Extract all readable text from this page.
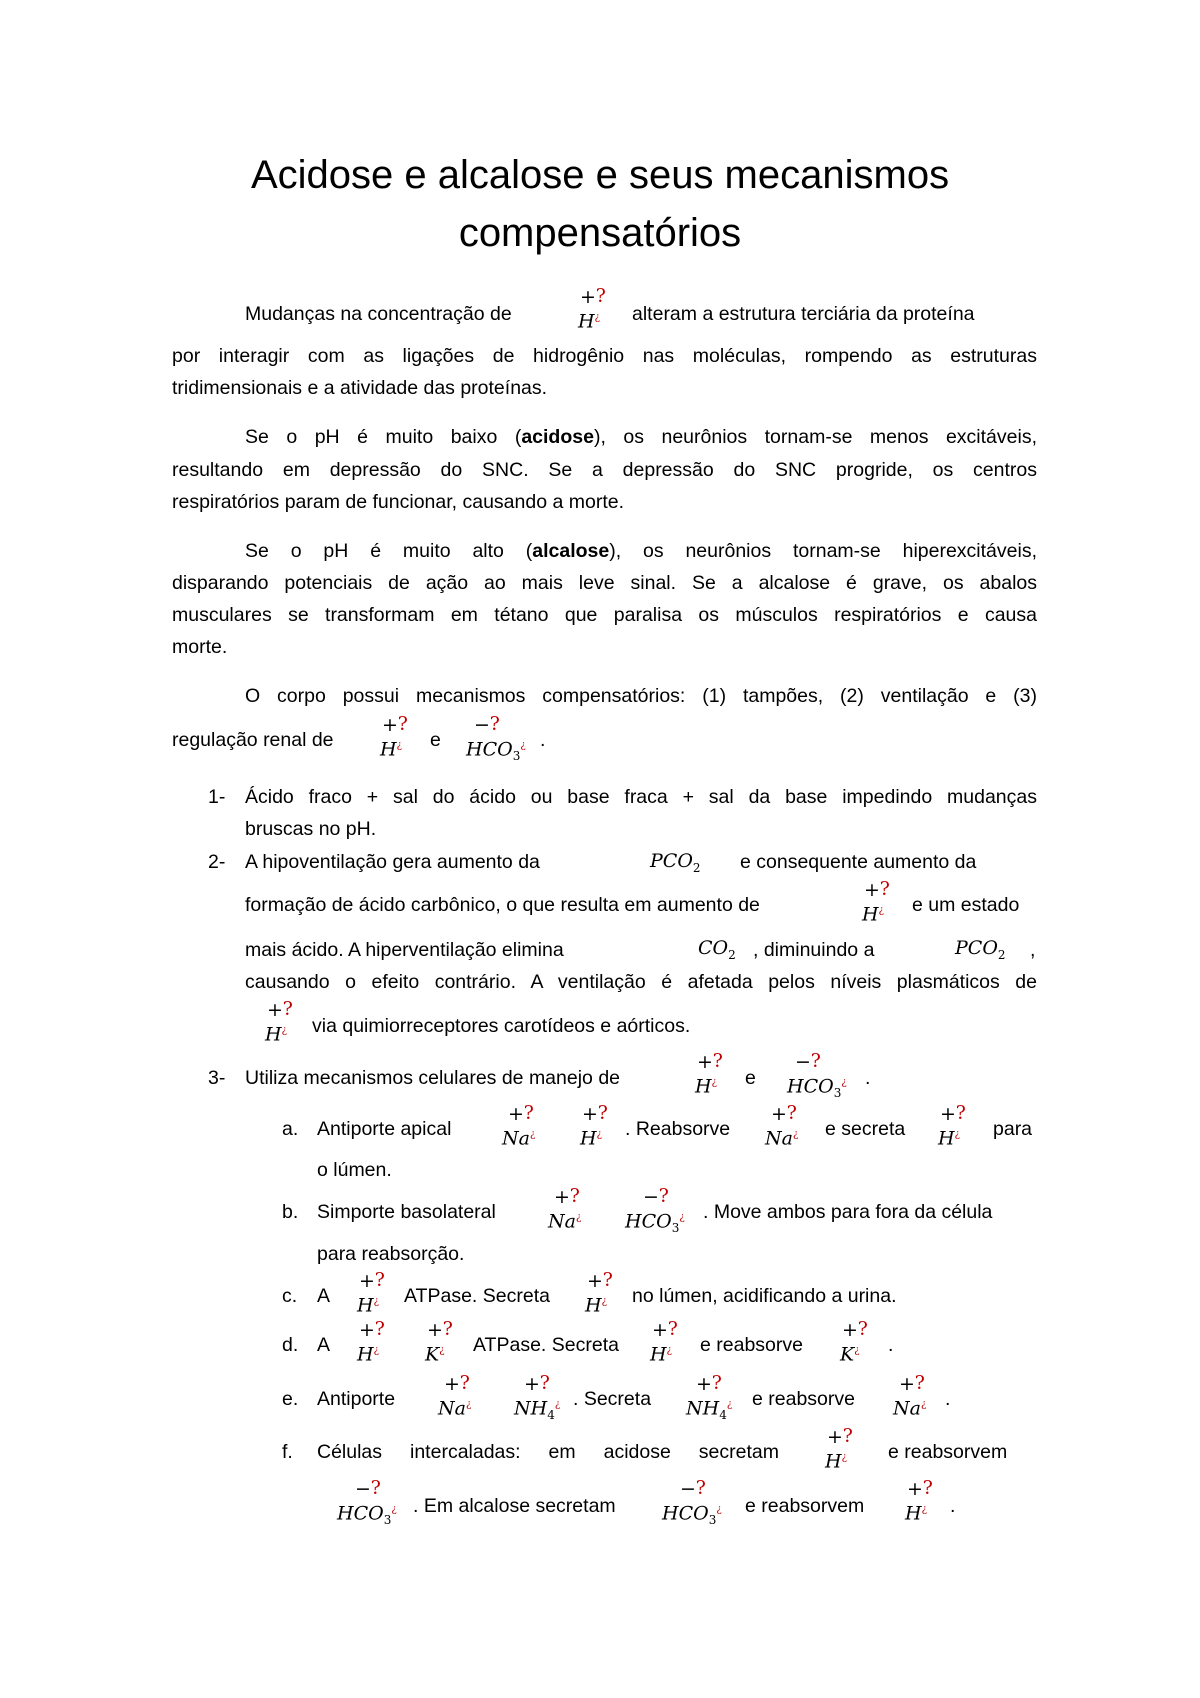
Acidose e alcalose e seus mecanismos
compensatórios
Mudanças na concentração de
+¿
H¿ alteram a estrutura terciária da proteína
por interagir com as ligações de hidrogênio nas moléculas, rompendo as estruturas
tridimensionais e a atividade das proteínas.
Se o pH é muito baixo (acidose), os neurônios tornam-se menos excitáveis,
resultando em depressão do SNC. Se a depressão do SNC progride, os centros
respiratórios param de funcionar, causando a morte.
Se o pH é muito alto (alcalose), os neurônios tornam-se hiperexcitáveis,
disparando potenciais de ação ao mais leve sinal. Se a alcalose é grave, os abalos
musculares se transformam em tétano que paralisa os músculos respiratórios e causa
morte.
O corpo possui mecanismos compensatórios: (1) tampões, (2) ventilação e (3)
regulação renal de
+¿
H¿ e
−¿
$HCO_3^¿$ .
1- Ácido fraco + sal do ácido ou base fraca + sal da base impedindo mudanças
bruscas no pH.
2- A hipoventilação gera aumento da	$PCO_2$ e consequente aumento da
formação de ácido carbônico, o que resulta em aumento de
+¿
H¿ e um estado
mais ácido. A hiperventilação elimina	$CO_2$ , diminuindo a	$PCO_2$ ,
causando o efeito contrário. A ventilação é afetada pelos níveis plasmáticos de
+¿
H¿ via quimiorreceptores carotídeos e aórticos.
3- Utiliza mecanismos celulares de manejo de
+¿
H¿ e
−¿
$HCO_3^¿$ .
a. Antiporte apical
+¿
Na¿
+¿
H¿ . Reabsorve
+¿
Na¿ e secreta
+¿
H¿ para
o lúmen.
b. Simporte basolateral
+¿
Na¿
−¿
$HCO_3^¿$ . Move ambos para fora da célula
para reabsorção.
c. A
+¿
H¿ ATPase. Secreta
+¿
H¿ no lúmen, acidificando a urina.
d. A
+¿
H¿
+¿
K¿ ATPase. Secreta
+¿
H¿ e reabsorve
+¿
K¿ .
e. Antiporte
+¿
Na¿
+¿
$NH_4^¿$ . Secreta
+¿
$NH_4^¿$ e reabsorve
+¿
Na¿ .
f. Células intercaladas: em acidose secretam
+¿
H¿ e reabsorvem
−¿
$HCO_3^¿$ . Em alcalose secretam
−¿
$HCO_3^¿$ e reabsorvem
+¿
H¿ .
